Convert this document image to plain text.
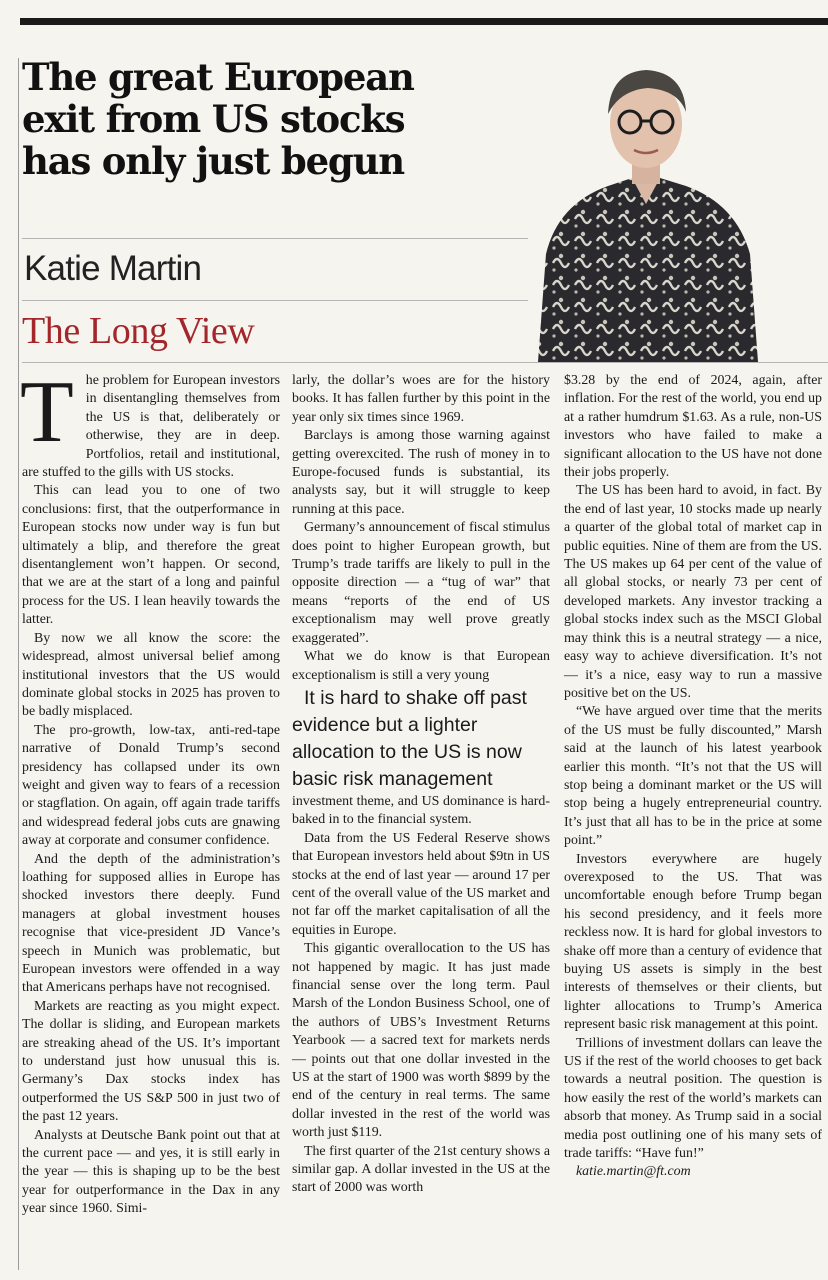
The great European exit from US stocks has only just begun
Katie Martin
The Long View
T he problem for European investors in disentangling themselves from the US is that, deliberately or otherwise, they are in deep. Portfolios, retail and institutional, are stuffed to the gills with US stocks.

This can lead you to one of two conclusions: first, that the outperformance in European stocks now under way is fun but ultimately a blip, and therefore the great disentanglement won’t happen. Or second, that we are at the start of a long and painful process for the US. I lean heavily towards the latter.

By now we all know the score: the widespread, almost universal belief among institutional investors that the US would dominate global stocks in 2025 has proven to be badly misplaced.

The pro-growth, low-tax, anti-red-tape narrative of Donald Trump’s second presidency has collapsed under its own weight and given way to fears of a recession or stagflation. On again, off again trade tariffs and widespread federal jobs cuts are gnawing away at corporate and consumer confidence.

And the depth of the administration’s loathing for supposed allies in Europe has shocked investors there deeply. Fund managers at global investment houses recognise that vice-president JD Vance’s speech in Munich was problematic, but European investors were offended in a way that Americans perhaps have not recognised.

Markets are reacting as you might expect. The dollar is sliding, and European markets are streaking ahead of the US. It’s important to understand just how unusual this is. Germany’s Dax stocks index has outperformed the US S&P 500 in just two of the past 12 years.

Analysts at Deutsche Bank point out that at the current pace — and yes, it is still early in the year — this is shaping up to be the best year for outperformance in the Dax in any year since 1960. Simi-

larly, the dollar’s woes are for the history books. It has fallen further by this point in the year only six times since 1969.

Barclays is among those warning against getting overexcited. The rush of money in to Europe-focused funds is substantial, its analysts say, but it will struggle to keep running at this pace.

Germany’s announcement of fiscal stimulus does point to higher European growth, but Trump’s trade tariffs are likely to pull in the opposite direction — a “tug of war” that means “reports of the end of US exceptionalism may well prove greatly exaggerated”.

What we do know is that European exceptionalism is still a very young

It is hard to shake off past evidence but a lighter allocation to the US is now basic risk management

investment theme, and US dominance is hard-baked in to the financial system.

Data from the US Federal Reserve shows that European investors held about $9tn in US stocks at the end of last year — around 17 per cent of the overall value of the US market and not far off the market capitalisation of all the equities in Europe.

This gigantic overallocation to the US has not happened by magic. It has just made financial sense over the long term. Paul Marsh of the London Business School, one of the authors of UBS’s Investment Returns Yearbook — a sacred text for markets nerds — points out that one dollar invested in the US at the start of 1900 was worth $899 by the end of the century in real terms. The same dollar invested in the rest of the world was worth just $119.

The first quarter of the 21st century shows a similar gap. A dollar invested in the US at the start of 2000 was worth

$3.28 by the end of 2024, again, after inflation. For the rest of the world, you end up at a rather humdrum $1.63. As a rule, non-US investors who have failed to make a significant allocation to the US have not done their jobs properly.

The US has been hard to avoid, in fact. By the end of last year, 10 stocks made up nearly a quarter of the global total of market cap in public equities. Nine of them are from the US. The US makes up 64 per cent of the value of all global stocks, or nearly 73 per cent of developed markets. Any investor tracking a global stocks index such as the MSCI Global may think this is a neutral strategy — a nice, easy way to achieve diversification. It’s not — it’s a nice, easy way to run a massive positive bet on the US.

“We have argued over time that the merits of the US must be fully discounted,” Marsh said at the launch of his latest yearbook earlier this month. “It’s not that the US will stop being a dominant market or the US will stop being a hugely entrepreneurial country. It’s just that all has to be in the price at some point.”

Investors everywhere are hugely overexposed to the US. That was uncomfortable enough before Trump began his second presidency, and it feels more reckless now. It is hard for global investors to shake off more than a century of evidence that buying US assets is simply in the best interests of themselves or their clients, but lighter allocations to Trump’s America represent basic risk management at this point.

Trillions of investment dollars can leave the US if the rest of the world chooses to get back towards a neutral position. The question is how easily the rest of the world’s markets can absorb that money. As Trump said in a social media post outlining one of his many sets of trade tariffs: “Have fun!”

katie.martin@ft.com
